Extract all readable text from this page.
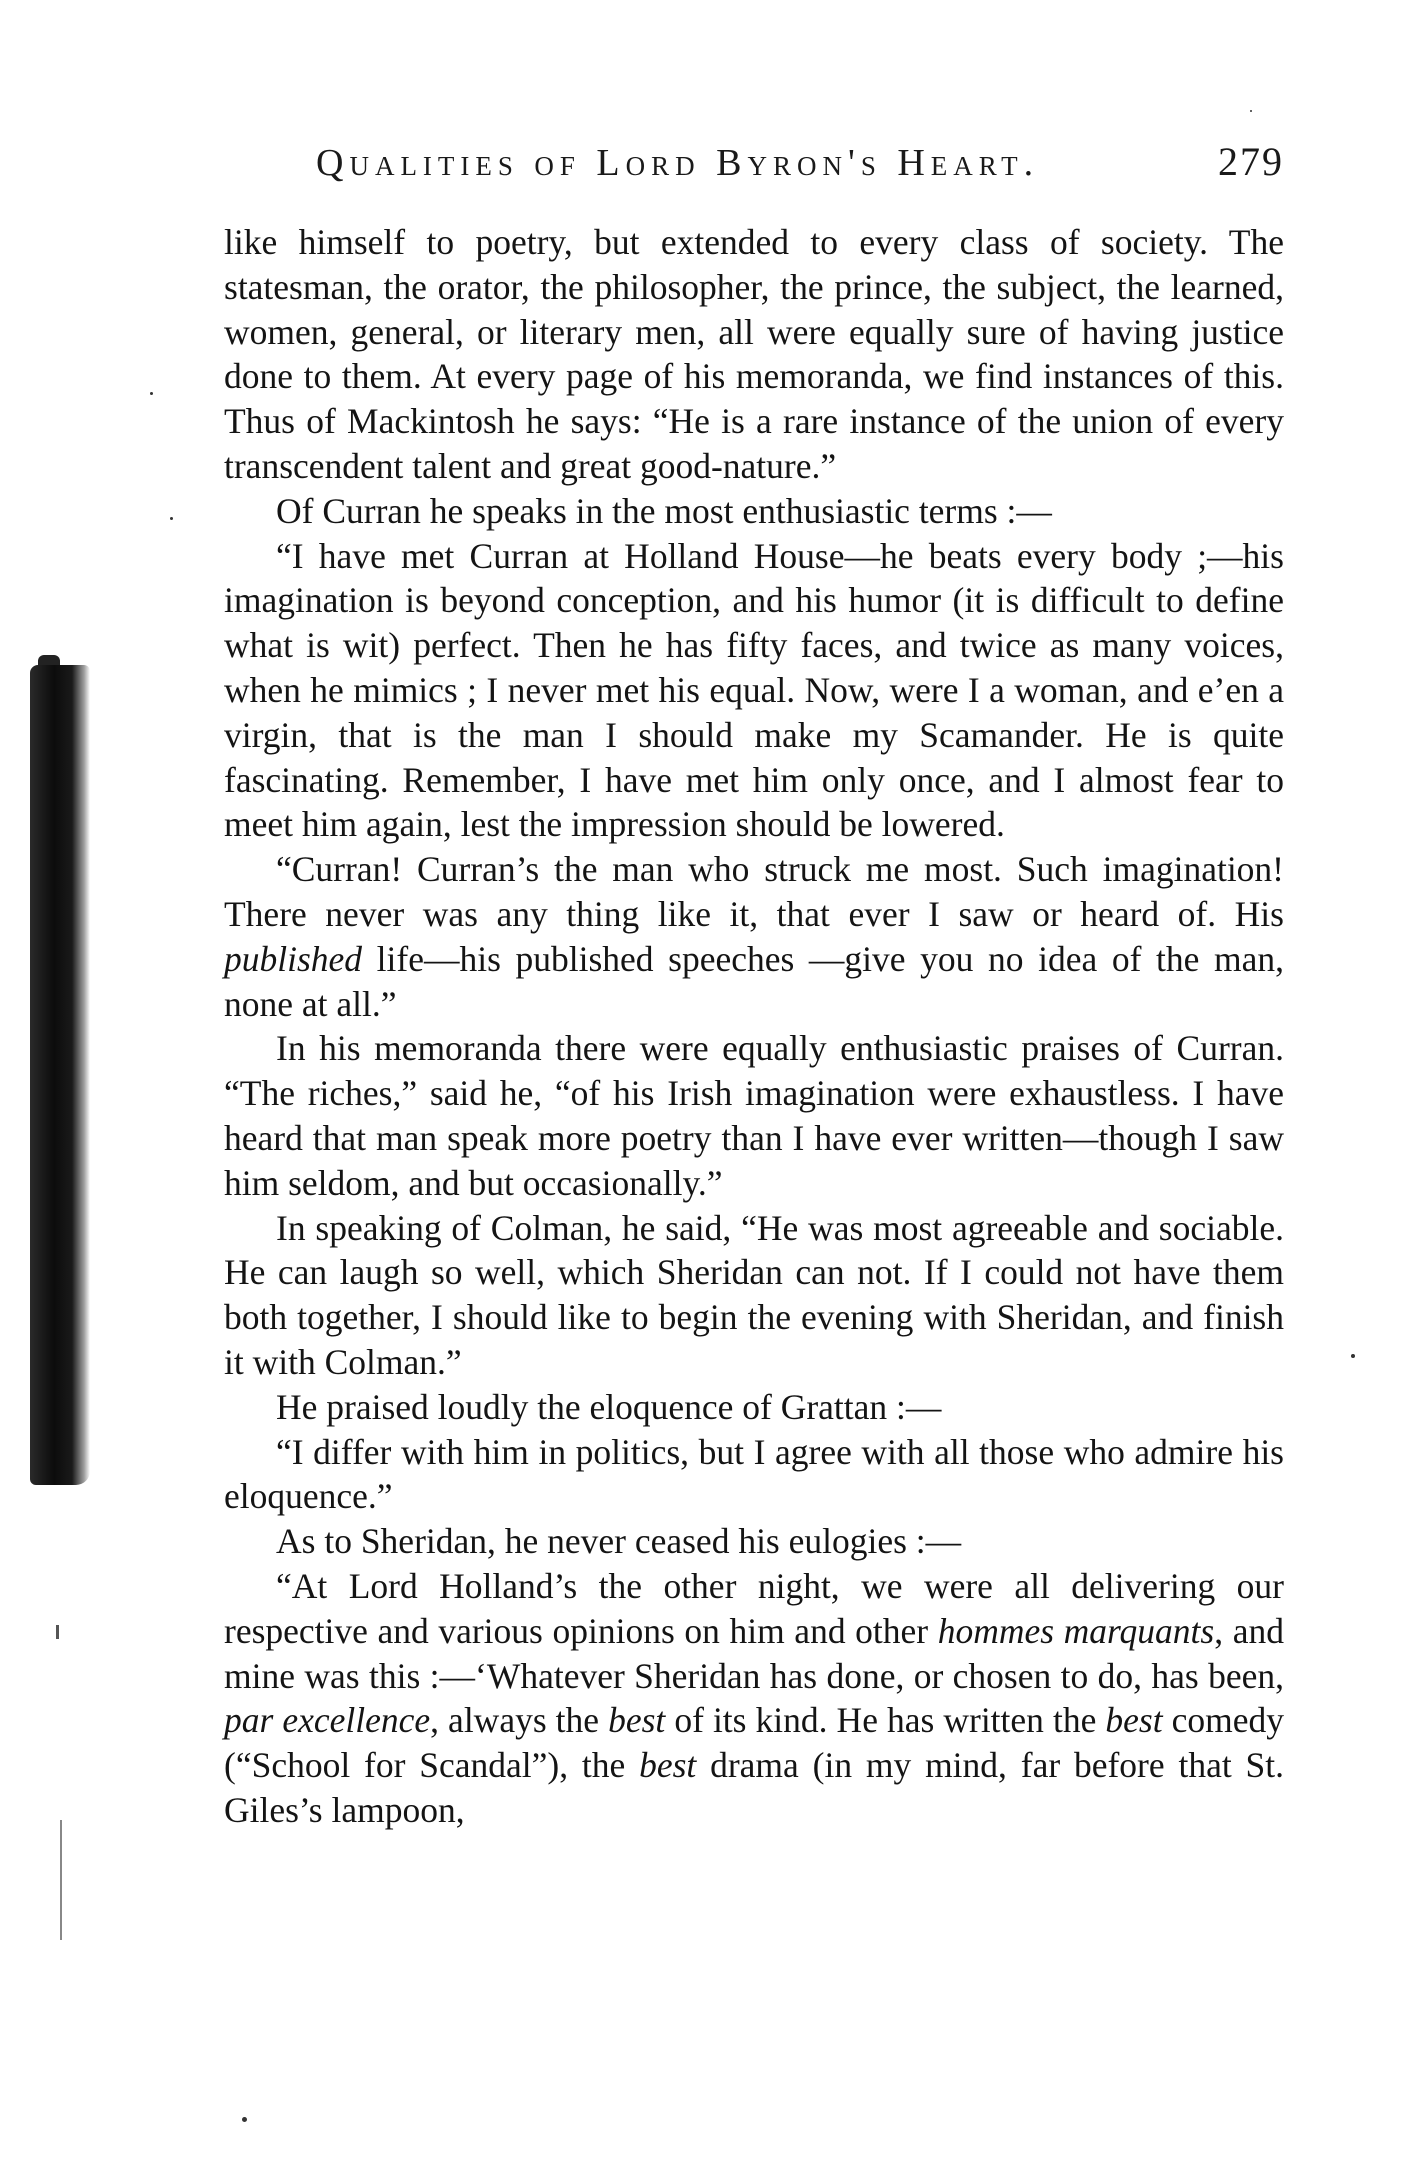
Qualities of Lord Byron's Heart.	279

like himself to poetry, but extended to every class of society. The statesman, the orator, the philosopher, the prince, the subject, the learned, women, general, or literary men, all were equally sure of having justice done to them. At every page of his memoranda, we find instances of this. Thus of Mackintosh he says: “He is a rare instance of the union of every transcendent talent and great good-nature.”

Of Curran he speaks in the most enthusiastic terms :—

“I have met Curran at Holland House—he beats every body ;—his imagination is beyond conception, and his humor (it is difficult to define what is wit) perfect. Then he has fifty faces, and twice as many voices, when he mimics ; I never met his equal. Now, were I a woman, and e’en a virgin, that is the man I should make my Scamander. He is quite fascinating. Remember, I have met him only once, and I almost fear to meet him again, lest the impression should be lowered.

“Curran! Curran’s the man who struck me most. Such imagination! There never was any thing like it, that ever I saw or heard of. His published life—his published speeches —give you no idea of the man, none at all.”

In his memoranda there were equally enthusiastic praises of Curran. “The riches,” said he, “of his Irish imagination were exhaustless. I have heard that man speak more poetry than I have ever written—though I saw him seldom, and but occasionally.”

In speaking of Colman, he said, “He was most agreeable and sociable. He can laugh so well, which Sheridan can not. If I could not have them both together, I should like to begin the evening with Sheridan, and finish it with Colman.”

He praised loudly the eloquence of Grattan :—

“I differ with him in politics, but I agree with all those who admire his eloquence.”

As to Sheridan, he never ceased his eulogies :—

“At Lord Holland’s the other night, we were all delivering our respective and various opinions on him and other hommes marquants, and mine was this :—‘Whatever Sheridan has done, or chosen to do, has been, par excellence, always the best of its kind. He has written the best comedy (“School for Scandal”), the best drama (in my mind, far before that St. Giles’s lampoon,
